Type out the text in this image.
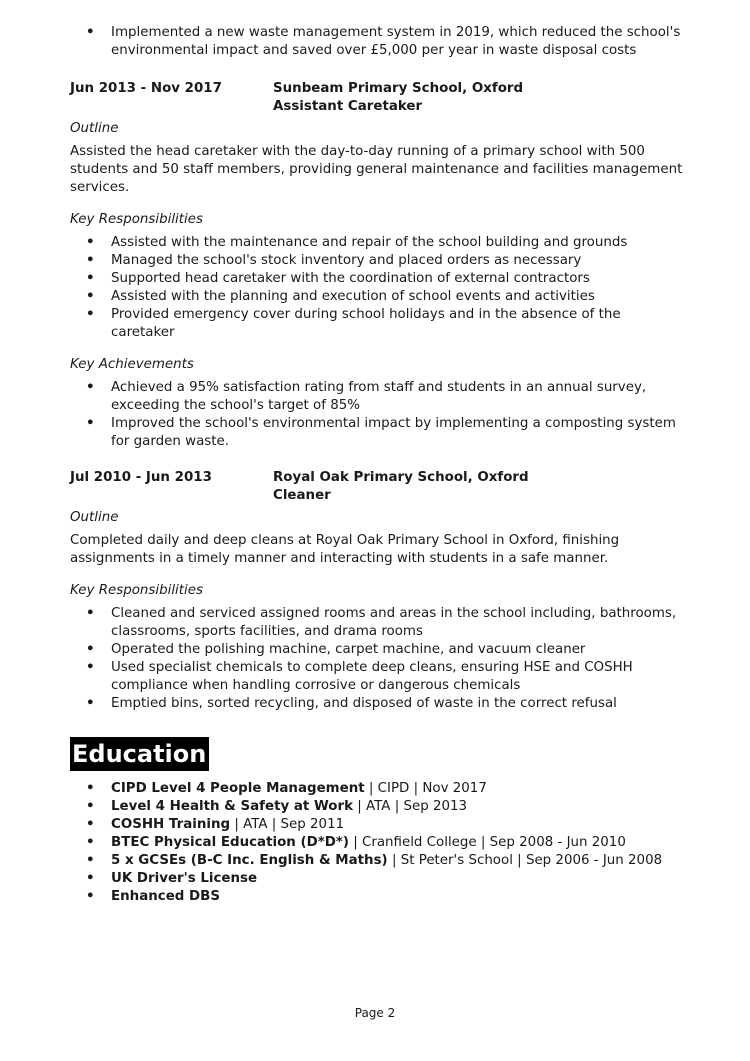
• Implemented a new waste management system in 2019, which reduced the school's environmental impact and saved over £5,000 per year in waste disposal costs
Jun 2013 - Nov 2017	Sunbeam Primary School, Oxford
Assistant Caretaker
Outline
Assisted the head caretaker with the day-to-day running of a primary school with 500 students and 50 staff members, providing general maintenance and facilities management services.
Key Responsibilities
• Assisted with the maintenance and repair of the school building and grounds
• Managed the school's stock inventory and placed orders as necessary
• Supported head caretaker with the coordination of external contractors
• Assisted with the planning and execution of school events and activities
• Provided emergency cover during school holidays and in the absence of the caretaker
Key Achievements
• Achieved a 95% satisfaction rating from staff and students in an annual survey, exceeding the school's target of 85%
• Improved the school's environmental impact by implementing a composting system for garden waste.
Jul 2010 - Jun 2013	Royal Oak Primary School, Oxford
Cleaner
Outline
Completed daily and deep cleans at Royal Oak Primary School in Oxford, finishing assignments in a timely manner and interacting with students in a safe manner.
Key Responsibilities
• Cleaned and serviced assigned rooms and areas in the school including, bathrooms, classrooms, sports facilities, and drama rooms
• Operated the polishing machine, carpet machine, and vacuum cleaner
• Used specialist chemicals to complete deep cleans, ensuring HSE and COSHH compliance when handling corrosive or dangerous chemicals
• Emptied bins, sorted recycling, and disposed of waste in the correct refusal
Education
• CIPD Level 4 People Management | CIPD | Nov 2017
• Level 4 Health & Safety at Work | ATA | Sep 2013
• COSHH Training | ATA | Sep 2011
• BTEC Physical Education (D*D*) | Cranfield College | Sep 2008 - Jun 2010
• 5 x GCSEs (B-C Inc. English & Maths) | St Peter's School | Sep 2006 - Jun 2008
• UK Driver's License
• Enhanced DBS
Page 2
